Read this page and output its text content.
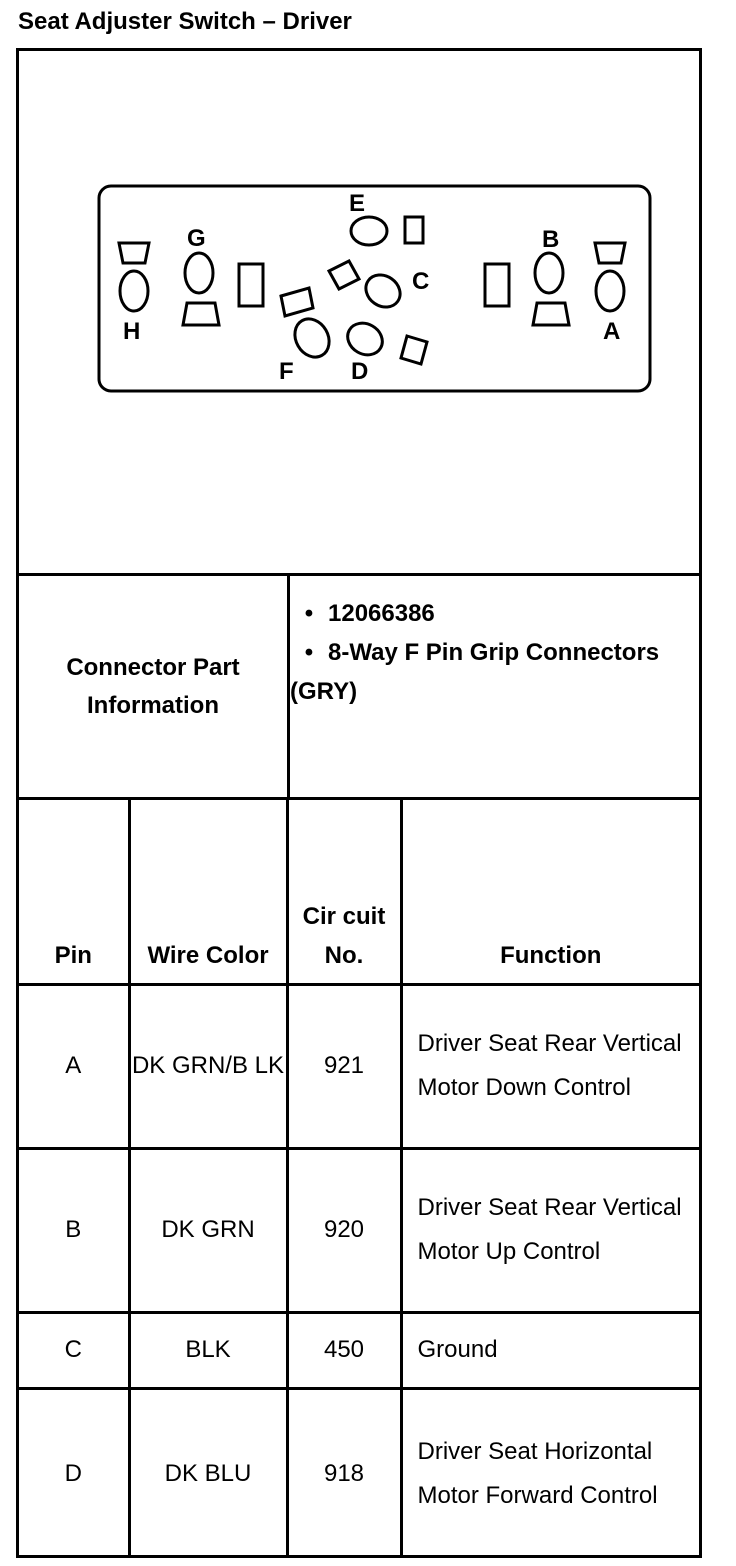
Seat Adjuster Switch – Driver
E
G	B
C
H	A
F D
Connector Part Information
• 12066386
• 8-Way F Pin Grip Connectors (GRY)
Pin	Wire Color	Cir cuit No.	Function
A	DK GRN/B LK	921	Driver Seat Rear Vertical Motor Down Control
B	DK GRN	920	Driver Seat Rear Vertical Motor Up Control
C	BLK	450	Ground
D	DK BLU	918	Driver Seat Horizontal Motor Forward Control
